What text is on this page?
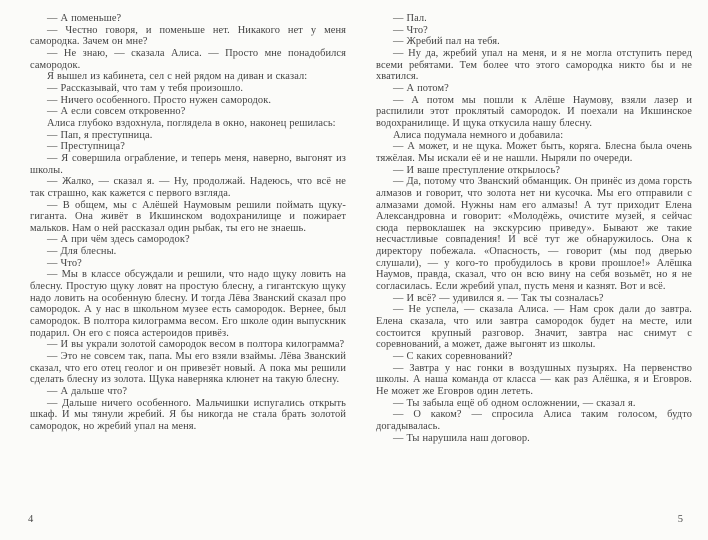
— А поменьше?

— Честно говоря, и поменьше нет. Никакого нет у меня самородка. Зачем он мне?

— Не знаю, — сказала Алиса. — Просто мне понадобился самородок.

Я вышел из кабинета, сел с ней рядом на диван и сказал:

— Рассказывай, что там у тебя произошло.

— Ничего особенного. Просто нужен самородок.

— А если совсем откровенно?

Алиса глубоко вздохнула, поглядела в окно, наконец решилась:

— Пап, я преступница.

— Преступница?

— Я совершила ограбление, и теперь меня, наверно, выгонят из школы.

— Жалко, — сказал я. — Ну, продолжай. Надеюсь, что всё не так страшно, как кажется с первого взгляда.

— В общем, мы с Алёшей Наумовым решили поймать щуку-гиганта. Она живёт в Икшинском водохранилище и пожирает мальков. Нам о ней рассказал один рыбак, ты его не знаешь.

— А при чём здесь самородок?

— Для блесны.

— Что?

— Мы в классе обсуждали и решили, что надо щуку ловить на блесну. Простую щуку ловят на простую блесну, а гигантскую щуку надо ловить на особенную блесну. И тогда Лёва Званский сказал про самородок. А у нас в школьном музее есть самородок. Вернее, был самородок. В полтора килограмма весом. Его школе один выпускник подарил. Он его с пояса астероидов привёз.

— И вы украли золотой самородок весом в полтора килограмма?

— Это не совсем так, папа. Мы его взяли взаймы. Лёва Званский сказал, что его отец геолог и он привезёт новый. А пока мы решили сделать блесну из золота. Щука наверняка клюнет на такую блесну.

— А дальше что?

— Дальше ничего особенного. Мальчишки испугались открыть шкаф. И мы тянули жребий. Я бы никогда не стала брать золотой самородок, но жребий упал на меня.

4

— Пал.

— Что?

— Жребий пал на тебя.

— Ну да, жребий упал на меня, и я не могла отступить перед всеми ребятами. Тем более что этого самородка никто бы и не хватился.

— А потом?

— А потом мы пошли к Алёше Наумову, взяли лазер и распилили этот проклятый самородок. И поехали на Икшинское водохранилище. И щука откусила нашу блесну.

Алиса подумала немного и добавила:

— А может, и не щука. Может быть, коряга. Блесна была очень тяжёлая. Мы искали её и не нашли. Ныряли по очереди.

— И ваше преступление открылось?

— Да, потому что Званский обманщик. Он принёс из дома горсть алмазов и говорит, что золота нет ни кусочка. Мы его отправили с алмазами домой. Нужны нам его алмазы! А тут приходит Елена Александровна и говорит: «Молодёжь, очистите музей, я сейчас сюда первоклашек на экскурсию приведу». Бывают же такие несчастливые совпадения! И всё тут же обнаружилось. Она к директору побежала. «Опасность, — говорит (мы под дверью слушали), — у кого-то пробудилось в крови прошлое!» Алёшка Наумов, правда, сказал, что он всю вину на себя возьмёт, но я не согласилась. Если жребий упал, пусть меня и казнят. Вот и всё.

— И всё? — удивился я. — Так ты созналась?

— Не успела, — сказала Алиса. — Нам срок дали до завтра. Елена сказала, что или завтра самородок будет на месте, или состоится крупный разговор. Значит, завтра нас снимут с соревнований, а может, даже выгонят из школы.

— С каких соревнований?

— Завтра у нас гонки в воздушных пузырях. На первенство школы. А наша команда от класса — как раз Алёшка, я и Еговров. Не может же Еговров один лететь.

— Ты забыла ещё об одном осложнении, — сказал я.

— О каком? — спросила Алиса таким голосом, будто догадывалась.

— Ты нарушила наш договор.

5
